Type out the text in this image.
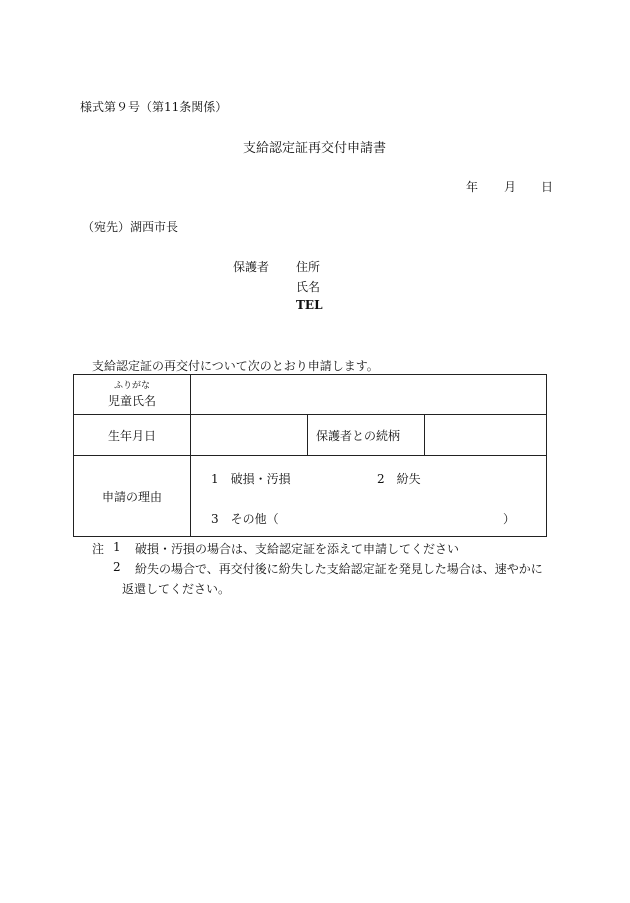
様式第９号（第11条関係）
支給認定証再交付申請書
年 月 日
（宛先）湖西市長
保護者 住所
氏名
TEL
支給認定証の再交付について次のとおり申請します。
ふりがな
児童氏名			

生年月日		保護者との続柄	
申請の理由	1　破損・汚損 2　紛失
3　その他（ ）		
注 1 破損・汚損の場合は、支給認定証を添えて申請してください
2 紛失の場合で、再交付後に紛失した支給認定証を発見した場合は、速やかに
返還してください。
